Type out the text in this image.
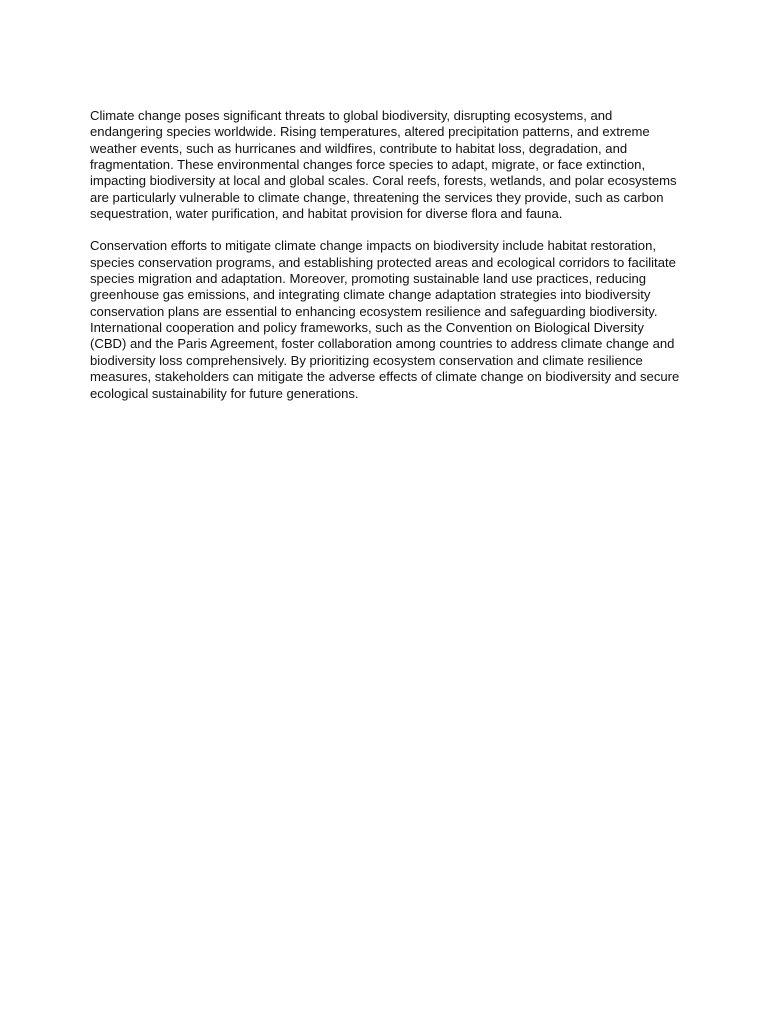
Climate change poses significant threats to global biodiversity, disrupting ecosystems, and endangering species worldwide. Rising temperatures, altered precipitation patterns, and extreme weather events, such as hurricanes and wildfires, contribute to habitat loss, degradation, and fragmentation. These environmental changes force species to adapt, migrate, or face extinction, impacting biodiversity at local and global scales. Coral reefs, forests, wetlands, and polar ecosystems are particularly vulnerable to climate change, threatening the services they provide, such as carbon sequestration, water purification, and habitat provision for diverse flora and fauna.

Conservation efforts to mitigate climate change impacts on biodiversity include habitat restoration, species conservation programs, and establishing protected areas and ecological corridors to facilitate species migration and adaptation. Moreover, promoting sustainable land use practices, reducing greenhouse gas emissions, and integrating climate change adaptation strategies into biodiversity conservation plans are essential to enhancing ecosystem resilience and safeguarding biodiversity. International cooperation and policy frameworks, such as the Convention on Biological Diversity (CBD) and the Paris Agreement, foster collaboration among countries to address climate change and biodiversity loss comprehensively. By prioritizing ecosystem conservation and climate resilience measures, stakeholders can mitigate the adverse effects of climate change on biodiversity and secure ecological sustainability for future generations.
